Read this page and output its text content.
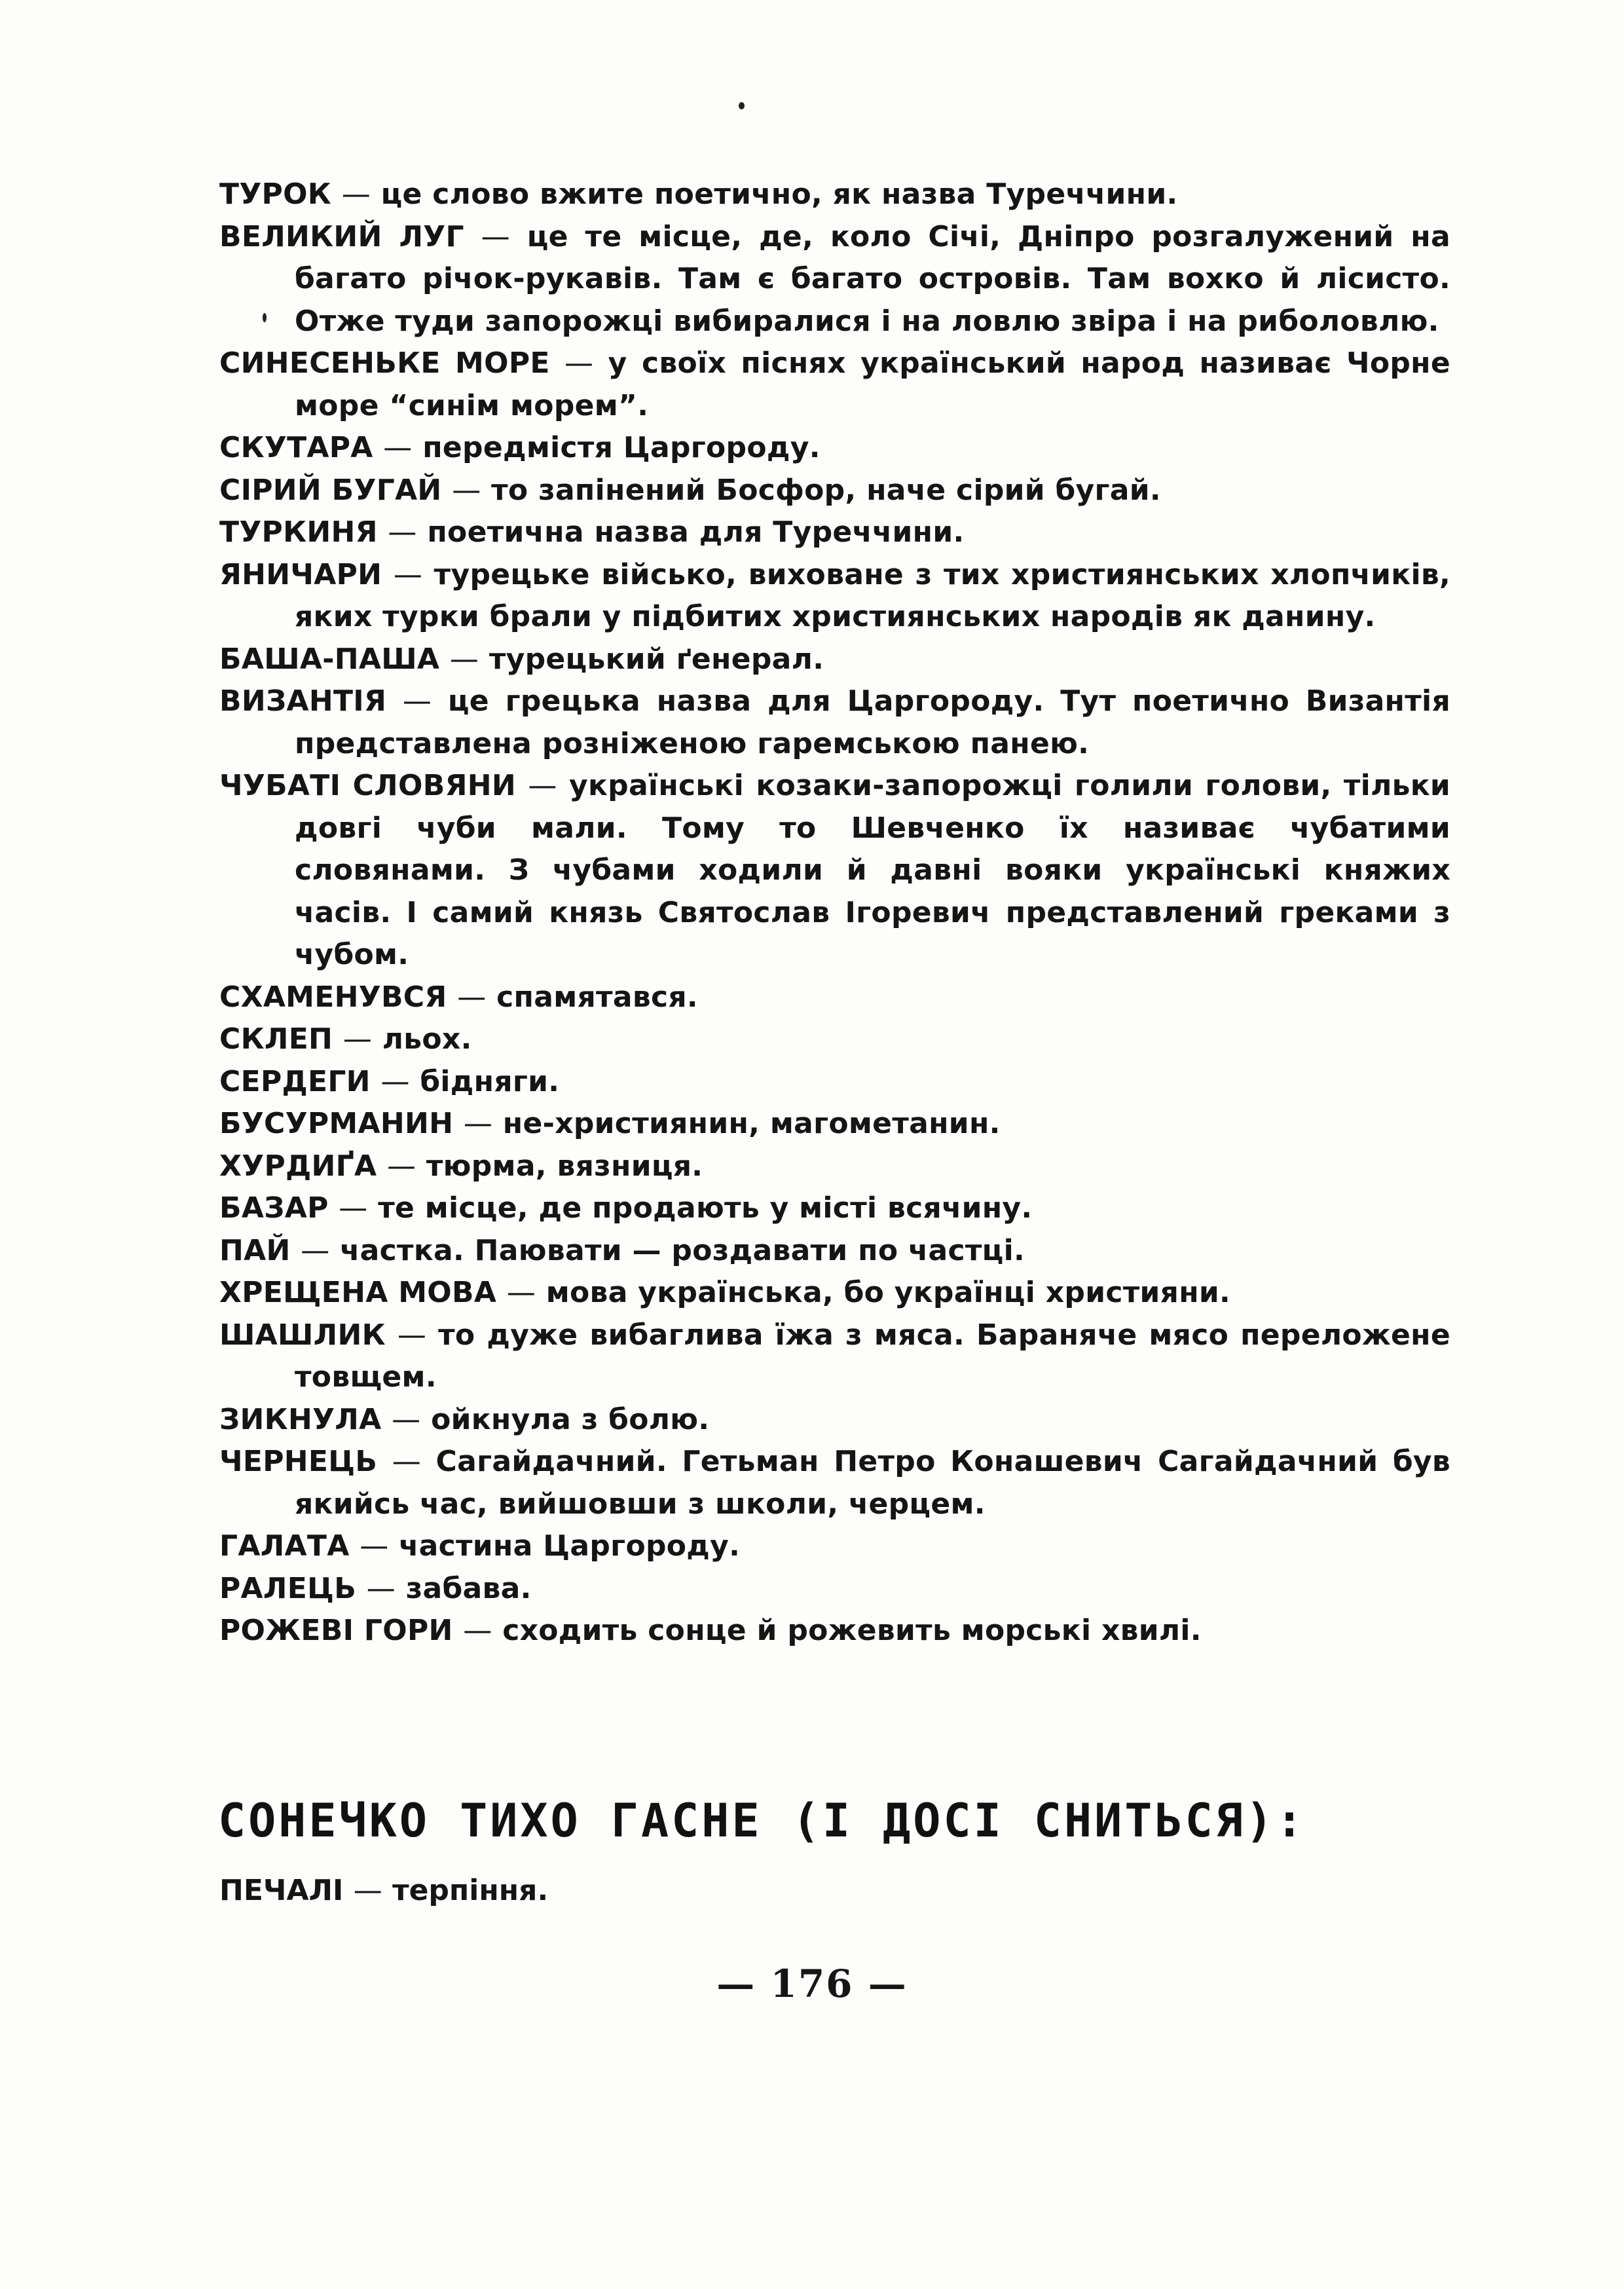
ТУРОК — це слово вжите поетично, як назва Туреччини.
ВЕЛИКИЙ ЛУГ — це те місце, де, коло Січі, Дніпро розгалужений на багато річок-рукавів. Там є багато островів. Там вохко й лісисто. Отже туди запорожці вибиралися і на ловлю звіра і на риболовлю.
СИНЕСЕНЬКЕ МОРЕ — у своїх піснях український народ називає Чорне море “синім морем”.
СКУТАРА — передмістя Царгороду.
СІРИЙ БУГАЙ — то запінений Босфор, наче сірий бугай.
ТУРКИНЯ — поетична назва для Туреччини.
ЯНИЧАРИ — турецьке військо, виховане з тих християнських хлопчиків, яких турки брали у підбитих християнських народів як данину.
БАША-ПАША — турецький ґенерал.
ВИЗАНТІЯ — це грецька назва для Царгороду. Тут поетично Византія представлена розніженою гаремською панею.
ЧУБАТІ СЛОВЯНИ — українські козаки-запорожці голили голови, тільки довгі чуби мали. Тому то Шевченко їх називає чубатими словянами. З чубами ходили й давні вояки українські княжих часів. І самий князь Святослав Ігоревич представлений греками з чубом.
СХАМЕНУВСЯ — спамятався.
СКЛЕП — льох.
СЕРДЕГИ — бідняги.
БУСУРМАНИН — не-християнин, магометанин.
ХУРДИҐА — тюрма, вязниця.
БАЗАР — те місце, де продають у місті всячину.
ПАЙ — частка. Паювати — роздавати по частці.
ХРЕЩЕНА МОВА — мова українська, бо українці християни.
ШАШЛИК — то дуже вибаглива їжа з мяса. Бараняче мясо переложене товщем.
ЗИКНУЛА — ойкнула з болю.
ЧЕРНЕЦЬ — Сагайдачний. Гетьман Петро Конашевич Сагайдачний був якийсь час, вийшовши з школи, черцем.
ГАЛАТА — частина Царгороду.
РАЛЕЦЬ — забава.
РОЖЕВІ ГОРИ — сходить сонце й рожевить морські хвилі.
СОНЕЧКО ТИХО ГАСНЕ (І ДОСІ СНИТЬСЯ):
ПЕЧАЛІ — терпіння.
— 176 —
